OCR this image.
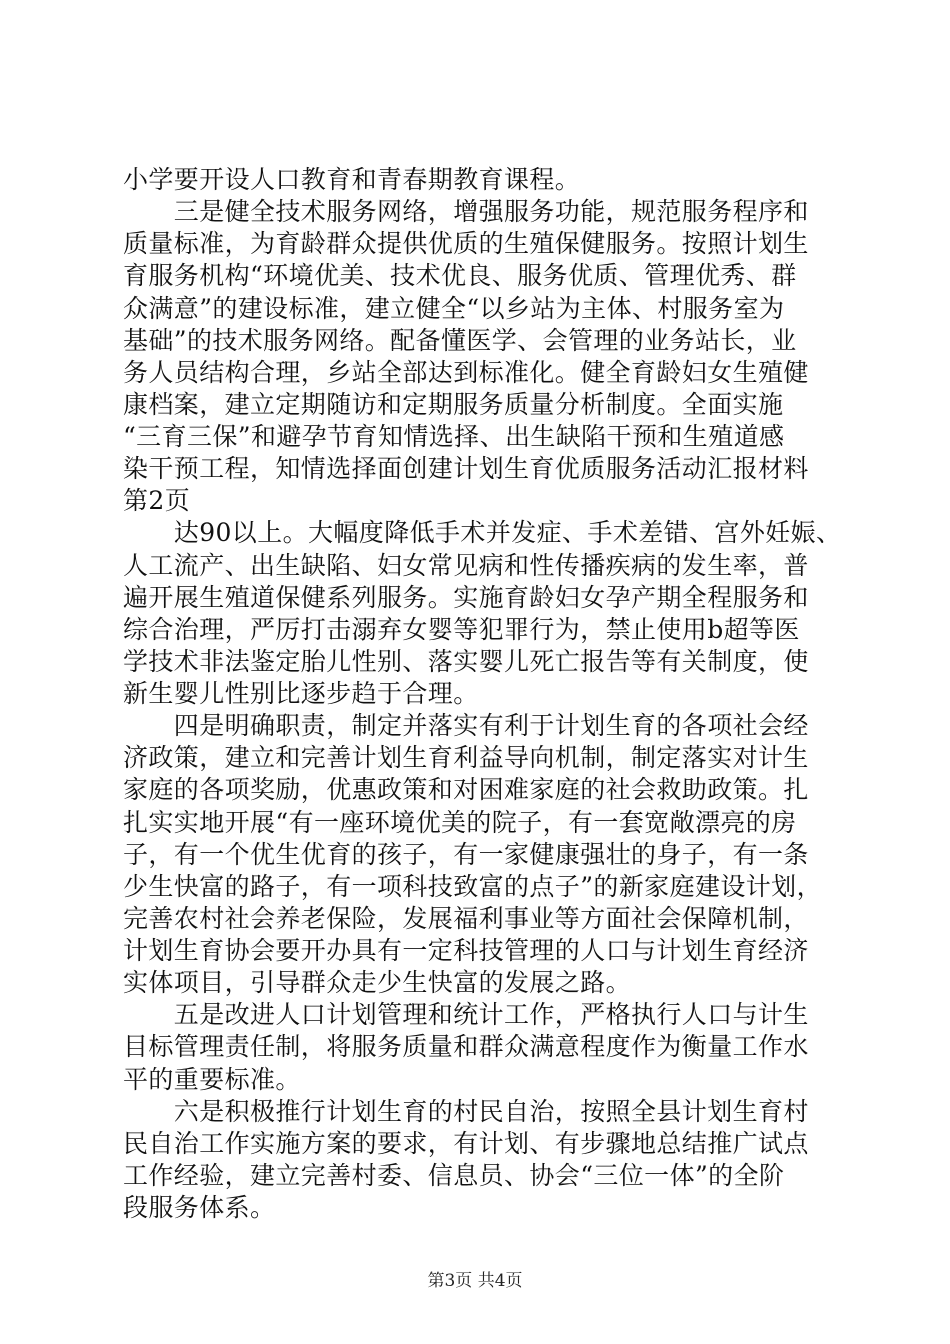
小学要开设人口教育和青春期教育课程。
　　三是健全技术服务网络，增强服务功能，规范服务程序和
质量标准，为育龄群众提供优质的生殖保健服务。按照计划生
育服务机构“环境优美、技术优良、服务优质、管理优秀、群
众满意”的建设标准，建立健全“以乡站为主体、村服务室为
基础”的技术服务网络。配备懂医学、会管理的业务站长，业
务人员结构合理，乡站全部达到标准化。健全育龄妇女生殖健
康档案，建立定期随访和定期服务质量分析制度。全面实施
“三育三保”和避孕节育知情选择、出生缺陷干预和生殖道感
染干预工程，知情选择面创建计划生育优质服务活动汇报材料
第2页
　　达90以上。大幅度降低手术并发症、手术差错、宫外妊娠、
人工流产、出生缺陷、妇女常见病和性传播疾病的发生率，普
遍开展生殖道保健系列服务。实施育龄妇女孕产期全程服务和
综合治理，严厉打击溺弃女婴等犯罪行为，禁止使用b超等医
学技术非法鉴定胎儿性别、落实婴儿死亡报告等有关制度，使
新生婴儿性别比逐步趋于合理。
　　四是明确职责，制定并落实有利于计划生育的各项社会经
济政策，建立和完善计划生育利益导向机制，制定落实对计生
家庭的各项奖励，优惠政策和对困难家庭的社会救助政策。扎
扎实实地开展“有一座环境优美的院子，有一套宽敞漂亮的房
子，有一个优生优育的孩子，有一家健康强壮的身子，有一条
少生快富的路子，有一项科技致富的点子”的新家庭建设计划，
完善农村社会养老保险，发展福利事业等方面社会保障机制，
计划生育协会要开办具有一定科技管理的人口与计划生育经济
实体项目，引导群众走少生快富的发展之路。
　　五是改进人口计划管理和统计工作，严格执行人口与计生
目标管理责任制，将服务质量和群众满意程度作为衡量工作水
平的重要标准。
　　六是积极推行计划生育的村民自治，按照全县计划生育村
第3页 共4页
民自治工作实施方案的要求，有计划、有步骤地总结推广试点
工作经验，建立完善村委、信息员、协会“三位一体”的全阶
段服务体系。
